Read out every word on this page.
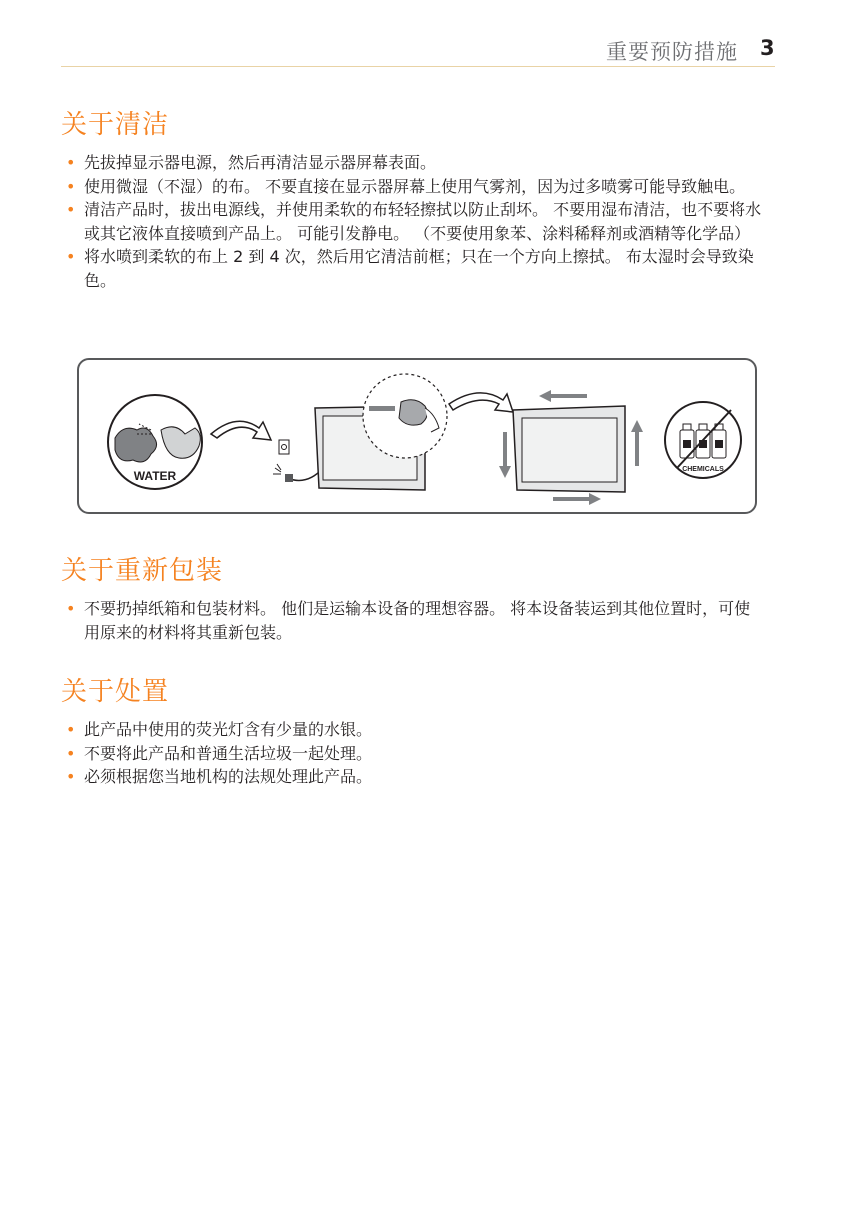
重要预防措施 3
关于清洁
• 先拔掉显示器电源，然后再清洁显示器屏幕表面。
• 使用微湿（不湿）的布。 不要直接在显示器屏幕上使用气雾剂，因为过多喷雾可能导致触电。
• 清洁产品时，拔出电源线，并使用柔软的布轻轻擦拭以防止刮坏。 不要用湿布清洁，也不要将水或其它液体直接喷到产品上。 可能引发静电。 （不要使用象苯、涂料稀释剂或酒精等化学品）
• 将水喷到柔软的布上 2 到 4 次，然后用它清洁前框；只在一个方向上擦拭。 布太湿时会导致染色。
WATER	CHEMICALS
关于重新包装
• 不要扔掉纸箱和包装材料。 他们是运输本设备的理想容器。 将本设备装运到其他位置时，可使用原来的材料将其重新包装。
关于处置
• 此产品中使用的荧光灯含有少量的水银。
• 不要将此产品和普通生活垃圾一起处理。
• 必须根据您当地机构的法规处理此产品。
